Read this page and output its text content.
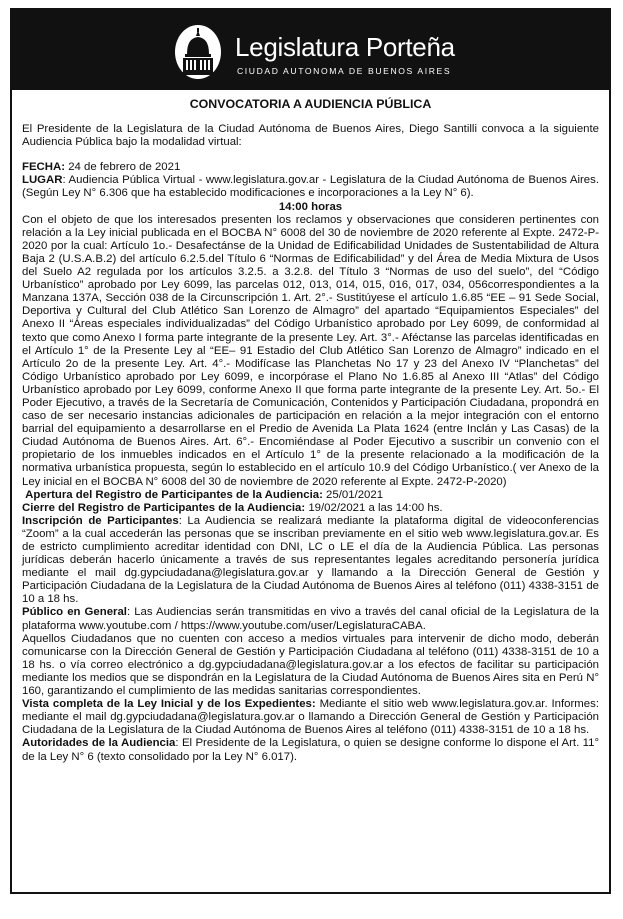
Legislatura Porteña
CIUDAD AUTONOMA DE BUENOS AIRES

CONVOCATORIA A AUDIENCIA PÚBLICA

El Presidente de la Legislatura de la Ciudad Autónoma de Buenos Aires, Diego Santilli convoca a la siguiente Audiencia Pública bajo la modalidad virtual:

FECHA: 24 de febrero de 2021

LUGAR: Audiencia Pública Virtual - www.legislatura.gov.ar - Legislatura de la Ciudad Autónoma de Buenos Aires. (Según Ley N° 6.306 que ha establecido modificaciones e incorporaciones a la Ley N° 6).

14:00 horas

Con el objeto de que los interesados presenten los reclamos y observaciones que consideren pertinentes con relación a la Ley inicial publicada en el BOCBA N° 6008 del 30 de noviembre de 2020 referente al Expte. 2472-P-2020 por la cual: Artículo 1o.- Desafectánse de la Unidad de Edificabilidad Unidades de Sustentabilidad de Altura Baja 2 (U.S.A.B.2) del artículo 6.2.5.del Título 6 “Normas de Edificabilidad” y del Área de Media Mixtura de Usos del Suelo A2 regulada por los artículos 3.2.5. a 3.2.8. del Título 3 “Normas de uso del suelo”, del “Código Urbanístico” aprobado por Ley 6099, las parcelas 012, 013, 014, 015, 016, 017, 034, 056correspondientes a la Manzana 137A, Sección 038 de la Circunscripción 1. Art. 2°.- Sustitúyese el artículo 1.6.85 “EE – 91 Sede Social, Deportiva y Cultural del Club Atlético San Lorenzo de Almagro” del apartado “Equipamientos Especiales” del Anexo II “Áreas especiales individualizadas” del Código Urbanístico aprobado por Ley 6099, de conformidad al texto que como Anexo I forma parte integrante de la presente Ley. Art. 3°.- Aféctanse las parcelas identificadas en el Artículo 1° de la Presente Ley al “EE– 91 Estadio del Club Atlético San Lorenzo de Almagro” indicado en el Artículo 2o de la presente Ley. Art. 4°.- Modifícase las Planchetas No 17 y 23 del Anexo IV “Planchetas” del Código Urbanístico aprobado por Ley 6099, e incorpórase el Plano No 1.6.85 al Anexo III “Atlas” del Código Urbanístico aprobado por Ley 6099, conforme Anexo II que forma parte integrante de la presente Ley. Art. 5o.- El Poder Ejecutivo, a través de la Secretaría de Comunicación, Contenidos y Participación Ciudadana, propondrá en caso de ser necesario instancias adicionales de participación en relación a la mejor integración con el entorno barrial del equipamiento a desarrollarse en el Predio de Avenida La Plata 1624 (entre Inclán y Las Casas) de la Ciudad Autónoma de Buenos Aires. Art. 6°.- Encomiéndase al Poder Ejecutivo a suscribir un convenio con el propietario de los inmuebles indicados en el Artículo 1° de la presente relacionado a la modificación de la normativa urbanística propuesta, según lo establecido en el artículo 10.9 del Código Urbanístico.( ver Anexo de la Ley inicial en el BOCBA N° 6008 del 30 de noviembre de 2020 referente al Expte. 2472-P-2020)

Apertura del Registro de Participantes de la Audiencia: 25/01/2021

Cierre del Registro de Participantes de la Audiencia: 19/02/2021 a las 14:00 hs.

Inscripción de Participantes: La Audiencia se realizará mediante la plataforma digital de videoconferencias “Zoom” a la cual accederán las personas que se inscriban previamente en el sitio web www.legislatura.gov.ar. Es de estricto cumplimiento acreditar identidad con DNI, LC o LE el día de la Audiencia Pública. Las personas jurídicas deberán hacerlo únicamente a través de sus representantes legales acreditando personería jurídica mediante el mail dg.gypciudadana@legislatura.gov.ar y llamando a la Dirección General de Gestión y Participación Ciudadana de la Legislatura de la Ciudad Autónoma de Buenos Aires al teléfono (011) 4338-3151 de 10 a 18 hs.

Público en General: Las Audiencias serán transmitidas en vivo a través del canal oficial de la Legislatura de la plataforma www.youtube.com / https://www.youtube.com/user/LegislaturaCABA.

Aquellos Ciudadanos que no cuenten con acceso a medios virtuales para intervenir de dicho modo, deberán comunicarse con la Dirección General de Gestión y Participación Ciudadana al teléfono (011) 4338-3151 de 10 a 18 hs. o vía correo electrónico a dg.gypciudadana@legislatura.gov.ar a los efectos de facilitar su participación mediante los medios que se dispondrán en la Legislatura de la Ciudad Autónoma de Buenos Aires sita en Perú N° 160, garantizando el cumplimiento de las medidas sanitarias correspondientes.

Vista completa de la Ley Inicial y de los Expedientes: Mediante el sitio web www.legislatura.gov.ar. Informes: mediante el mail dg.gypciudadana@legislatura.gov.ar o llamando a Dirección General de Gestión y Participación Ciudadana de la Legislatura de la Ciudad Autónoma de Buenos Aires al teléfono (011) 4338-3151 de 10 a 18 hs.

Autoridades de la Audiencia: El Presidente de la Legislatura, o quien se designe conforme lo dispone el Art. 11° de la Ley N° 6 (texto consolidado por la Ley N° 6.017).
